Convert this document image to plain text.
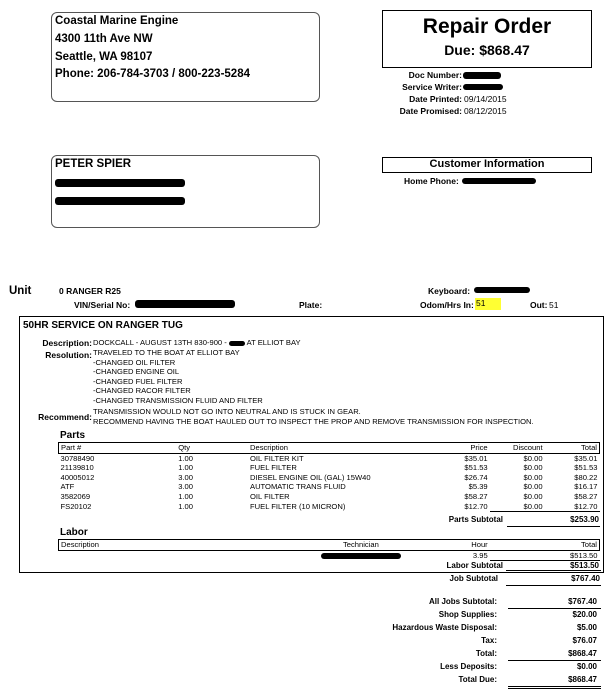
Coastal Marine Engine
4300 11th Ave NW
Seattle, WA 98107
Phone: 206-784-3703 / 800-223-5284
Repair Order
Due: $868.47
Doc Number:
Service Writer:
Date Printed: 09/14/2015
Date Promised: 08/12/2015
PETER SPIER	Customer Information
Home Phone:
Unit	0 RANGER R25	Keyboard:
VIN/Serial No:	Plate:	Odom/Hrs In: 51	Out: 51
50HR SERVICE ON RANGER TUG
Description: DOCKCALL - AUGUST 13TH 830-900 -	AT ELLIOT BAY
Resolution: TRAVELED TO THE BOAT AT ELLIOT BAY
-CHANGED OIL FILTER
-CHANGED ENGINE OIL
-CHANGED FUEL FILTER
-CHANGED RACOR FILTER
-CHANGED TRANSMISSION FLUID AND FILTER
Recommend:
TRANSMISSION WOULD NOT GO INTO NEUTRAL AND IS STUCK IN GEAR.
RECOMMEND HAVING THE BOAT HAULED OUT TO INSPECT THE PROP AND REMOVE TRANSMISSION FOR INSPECTION.
Parts
Part #	Qty	Description	Price	Discount	Total
30788490	1.00	OIL FILTER KIT	$35.01	$0.00	$35.01
21139810	1.00	FUEL FILTER	$51.53	$0.00	$51.53
40005012	3.00	DIESEL ENGINE OIL (GAL) 15W40	$26.74	$0.00	$80.22
ATF	3.00	AUTOMATIC TRANS FLUID	$5.39	$0.00	$16.17
3582069	1.00	OIL FILTER	$58.27	$0.00	$58.27
FS20102	1.00	FUEL FILTER (10 MICRON)	$12.70	$0.00	$12.70
Parts Subtotal	$253.90
Labor
Description	Technician	Hour	Total
		3.95	$513.50
Labor Subtotal	$513.50
Job Subtotal	$767.40
All Jobs Subtotal:	$767.40
Shop Supplies:	$20.00
Hazardous Waste Disposal:	$5.00
Tax:	$76.07
Total:	$868.47
Less Deposits:	$0.00
Total Due:	$868.47
